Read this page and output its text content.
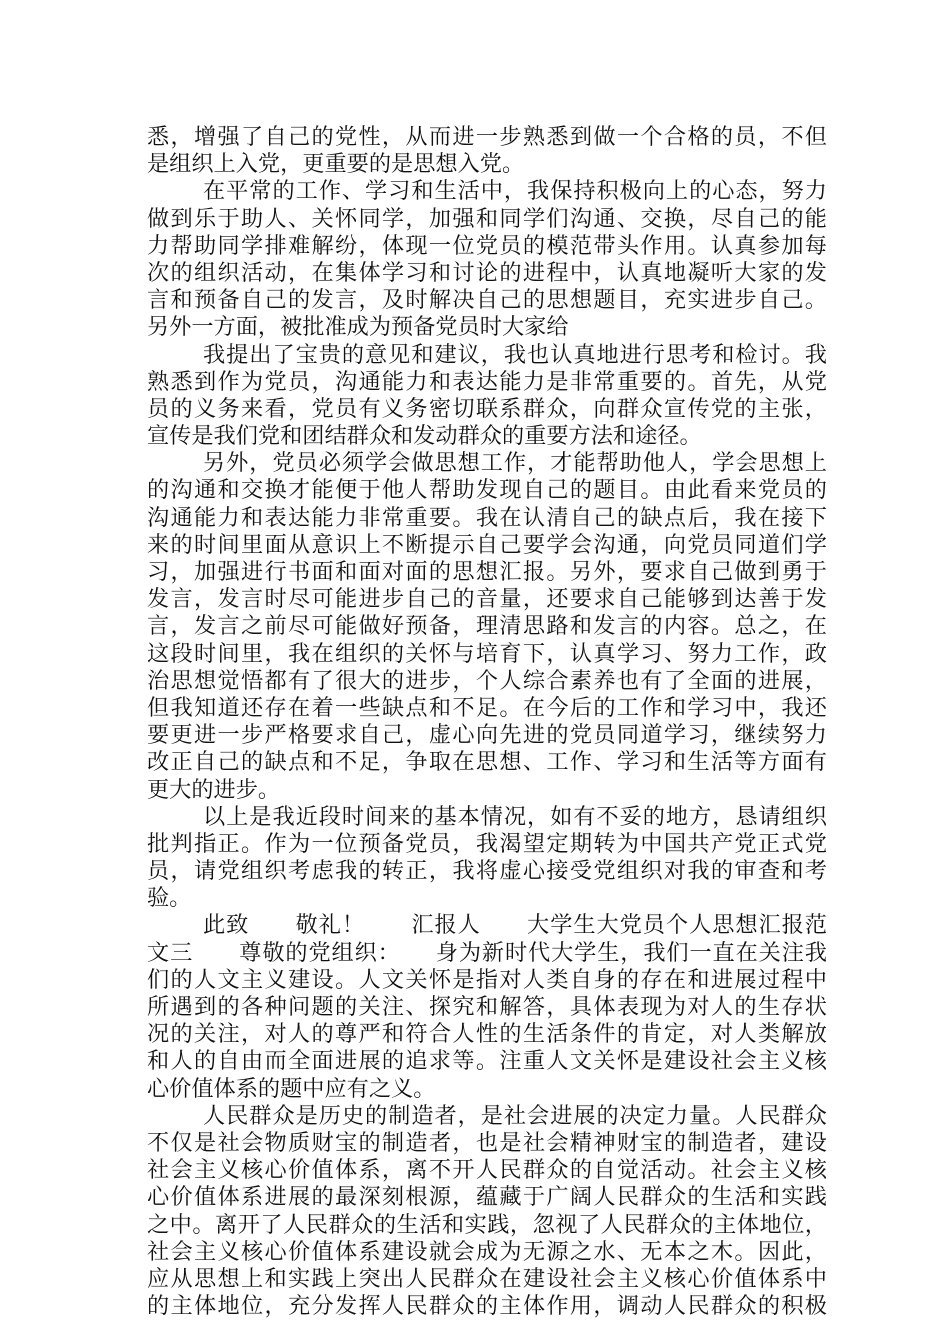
悉，增强了自己的党性，从而进一步熟悉到做一个合格的员，不但
是组织上入党，更重要的是思想入党。
在平常的工作、学习和生活中，我保持积极向上的心态，努力
做到乐于助人、关怀同学，加强和同学们沟通、交换，尽自己的能
力帮助同学排难解纷，体现一位党员的模范带头作用。认真参加每
次的组织活动，在集体学习和讨论的进程中，认真地凝听大家的发
言和预备自己的发言，及时解决自己的思想题目，充实进步自己。
另外一方面，被批准成为预备党员时大家给
我提出了宝贵的意见和建议，我也认真地进行思考和检讨。我
熟悉到作为党员，沟通能力和表达能力是非常重要的。首先，从党
员的义务来看，党员有义务密切联系群众，向群众宣传党的主张，
宣传是我们党和团结群众和发动群众的重要方法和途径。
另外，党员必须学会做思想工作，才能帮助他人，学会思想上
的沟通和交换才能便于他人帮助发现自己的题目。由此看来党员的
沟通能力和表达能力非常重要。我在认清自己的缺点后，我在接下
来的时间里面从意识上不断提示自己要学会沟通，向党员同道们学
习，加强进行书面和面对面的思想汇报。另外，要求自己做到勇于
发言，发言时尽可能进步自己的音量，还要求自己能够到达善于发
言，发言之前尽可能做好预备，理清思路和发言的内容。总之，在
这段时间里，我在组织的关怀与培育下，认真学习、努力工作，政
治思想觉悟都有了很大的进步，个人综合素养也有了全面的进展，
但我知道还存在着一些缺点和不足。在今后的工作和学习中，我还
要更进一步严格要求自己，虚心向先进的党员同道学习，继续努力
改正自己的缺点和不足，争取在思想、工作、学习和生活等方面有
更大的进步。
以上是我近段时间来的基本情况，如有不妥的地方，恳请组织
批判指正。作为一位预备党员，我渴望定期转为中国共产党正式党
员，请党组织考虑我的转正，我将虚心接受党组织对我的审查和考
验。
此致　　敬礼！　　汇报人　　大学生大党员个人思想汇报范
文三　　尊敬的党组织：　　身为新时代大学生，我们一直在关注我
们的人文主义建设。人文关怀是指对人类自身的存在和进展过程中
所遇到的各种问题的关注、探究和解答，具体表现为对人的生存状
况的关注，对人的尊严和符合人性的生活条件的肯定，对人类解放
和人的自由而全面进展的追求等。注重人文关怀是建设社会主义核
心价值体系的题中应有之义。
人民群众是历史的制造者，是社会进展的决定力量。人民群众
不仅是社会物质财宝的制造者，也是社会精神财宝的制造者，建设
社会主义核心价值体系，离不开人民群众的自觉活动。社会主义核
心价值体系进展的最深刻根源，蕴藏于广阔人民群众的生活和实践
之中。离开了人民群众的生活和实践，忽视了人民群众的主体地位，
社会主义核心价值体系建设就会成为无源之水、无本之木。因此，
应从思想上和实践上突出人民群众在建设社会主义核心价值体系中
的主体地位，充分发挥人民群众的主体作用，调动人民群众的积极
